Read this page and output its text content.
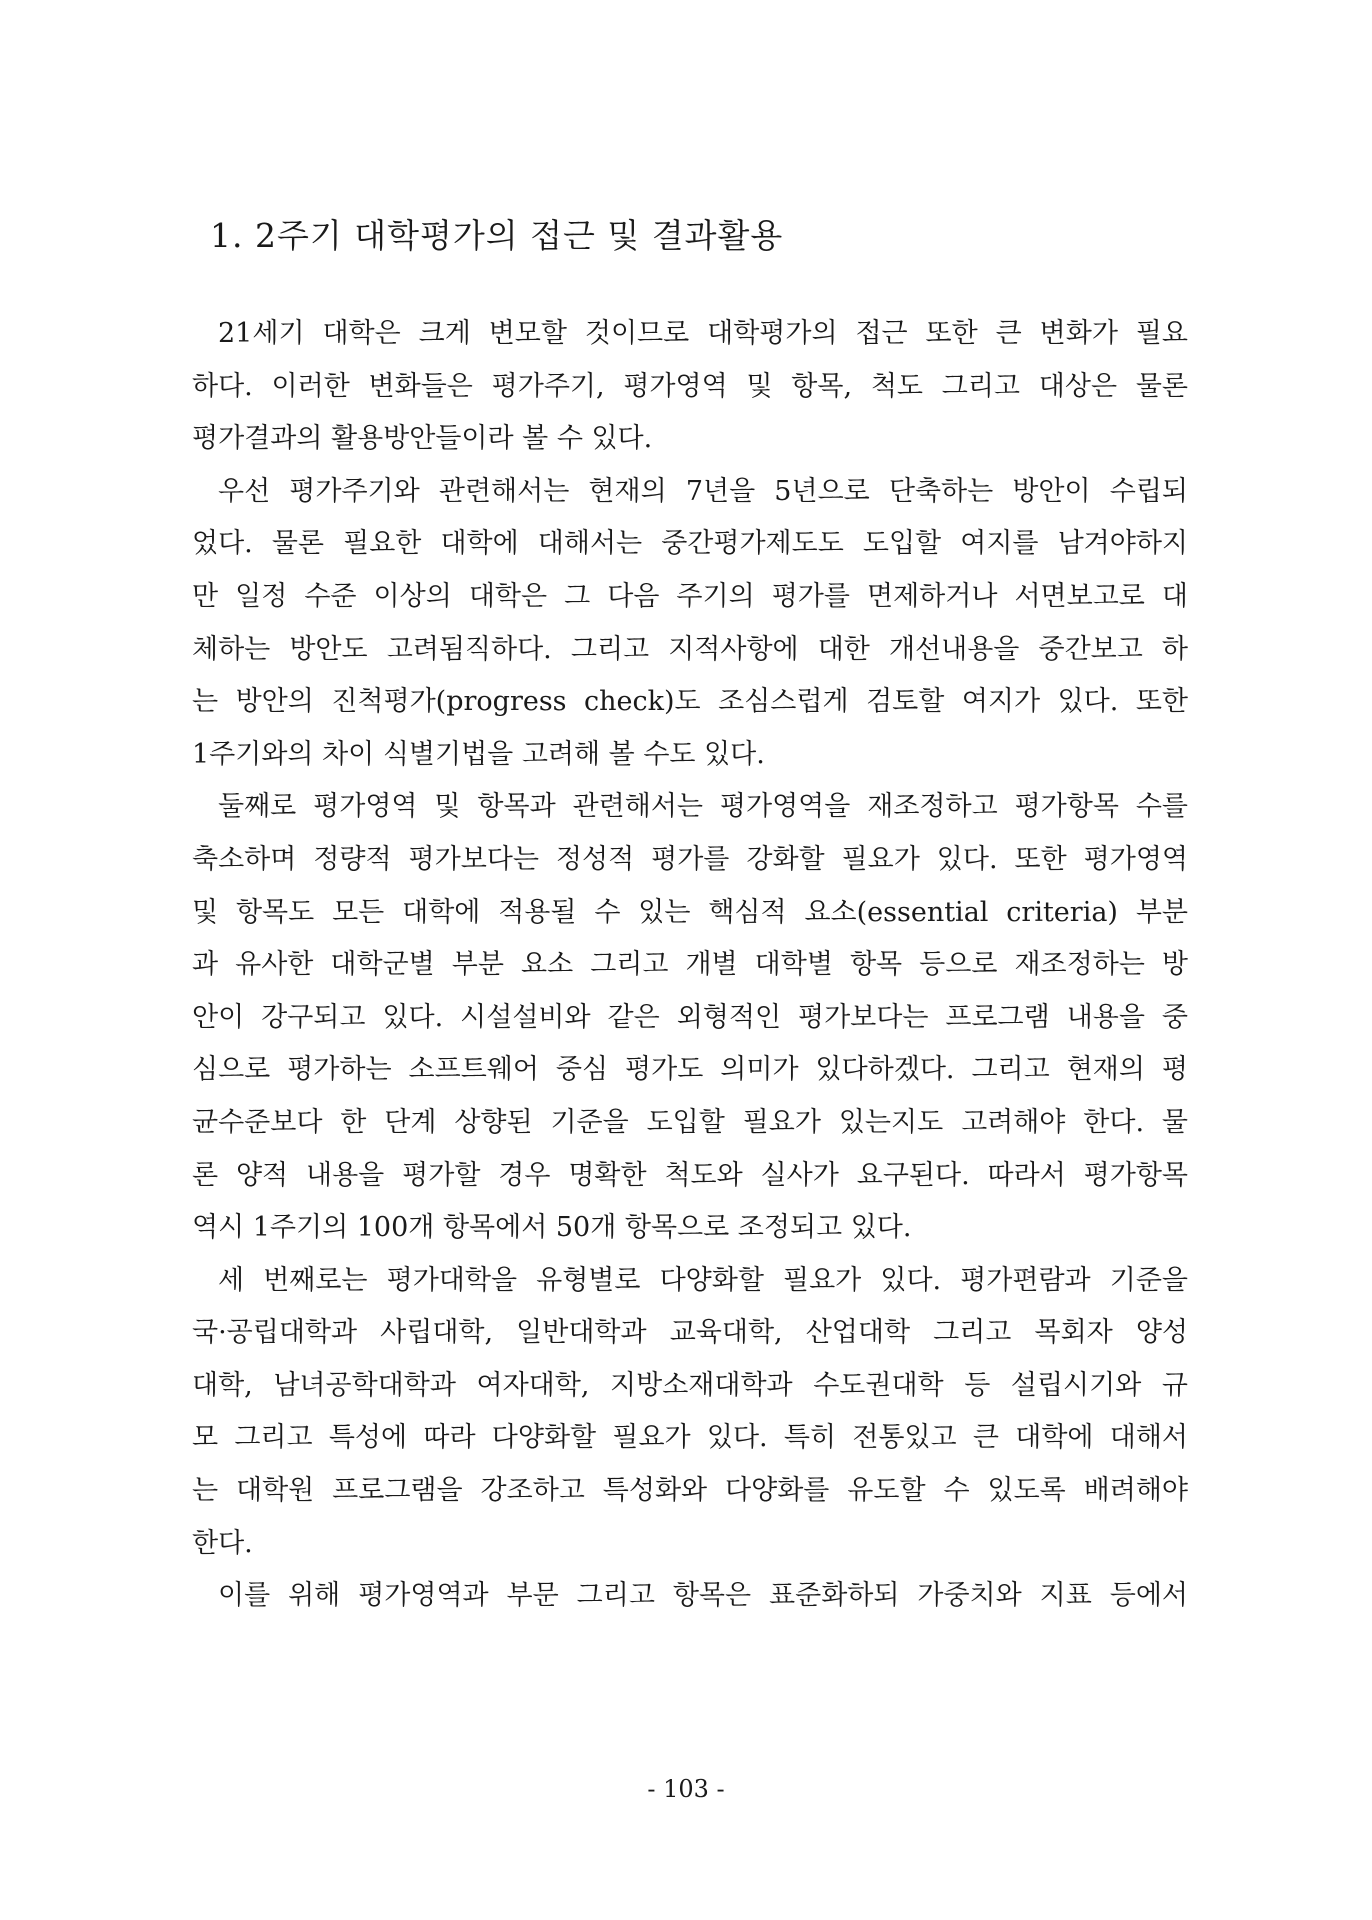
1. 2주기 대학평가의 접근 및 결과활용
21세기 대학은 크게 변모할 것이므로 대학평가의 접근 또한 큰 변화가 필요
하다. 이러한 변화들은 평가주기, 평가영역 및 항목, 척도 그리고 대상은 물론
평가결과의 활용방안들이라 볼 수 있다.
우선 평가주기와 관련해서는 현재의 7년을 5년으로 단축하는 방안이 수립되
었다. 물론 필요한 대학에 대해서는 중간평가제도도 도입할 여지를 남겨야하지
만 일정 수준 이상의 대학은 그 다음 주기의 평가를 면제하거나 서면보고로 대
체하는 방안도 고려됨직하다. 그리고 지적사항에 대한 개선내용을 중간보고 하
는 방안의 진척평가(progress check)도 조심스럽게 검토할 여지가 있다. 또한
1주기와의 차이 식별기법을 고려해 볼 수도 있다.
둘째로 평가영역 및 항목과 관련해서는 평가영역을 재조정하고 평가항목 수를
축소하며 정량적 평가보다는 정성적 평가를 강화할 필요가 있다. 또한 평가영역
및 항목도 모든 대학에 적용될 수 있는 핵심적 요소(essential criteria) 부분
과 유사한 대학군별 부분 요소 그리고 개별 대학별 항목 등으로 재조정하는 방
안이 강구되고 있다. 시설설비와 같은 외형적인 평가보다는 프로그램 내용을 중
심으로 평가하는 소프트웨어 중심 평가도 의미가 있다하겠다. 그리고 현재의 평
균수준보다 한 단계 상향된 기준을 도입할 필요가 있는지도 고려해야 한다. 물
론 양적 내용을 평가할 경우 명확한 척도와 실사가 요구된다. 따라서 평가항목
역시 1주기의 100개 항목에서 50개 항목으로 조정되고 있다.
세 번째로는 평가대학을 유형별로 다양화할 필요가 있다. 평가편람과 기준을
국·공립대학과 사립대학, 일반대학과 교육대학, 산업대학 그리고 목회자 양성
대학, 남녀공학대학과 여자대학, 지방소재대학과 수도권대학 등 설립시기와 규
모 그리고 특성에 따라 다양화할 필요가 있다. 특히 전통있고 큰 대학에 대해서
는 대학원 프로그램을 강조하고 특성화와 다양화를 유도할 수 있도록 배려해야
한다.
이를 위해 평가영역과 부문 그리고 항목은 표준화하되 가중치와 지표 등에서
- 103 -
